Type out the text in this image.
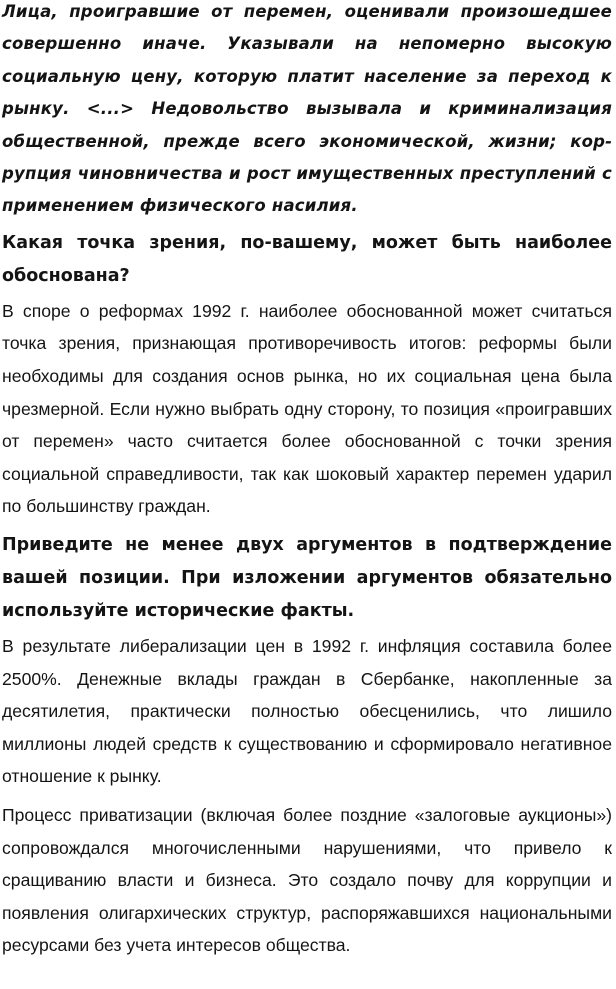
Лица, проигравшие от перемен, оценивали произошедшее совершенно иначе. Указывали на непомерно высокую социальную цену, которую платит население за переход к рынку. <...> Недовольство вызывала и криминализация общественной, прежде всего экономической, жизни; коррупция чиновничества и рост имущественных преступлений с применением физического насилия.

Какая точка зрения, по-вашему, может быть наиболее обоснована?

В споре о реформах 1992 г. наиболее обоснованной может считаться точка зрения, признающая противоречивость итогов: реформы были необходимы для создания основ рынка, но их социальная цена была чрезмерной. Если нужно выбрать одну сторону, то позиция «проигравших от перемен» часто считается более обоснованной с точки зрения социальной справедливости, так как шоковый характер перемен ударил по большинству граждан.

Приведите не менее двух аргументов в подтверждение вашей позиции. При изложении аргументов обязательно используйте исторические факты.

В результате либерализации цен в 1992 г. инфляция составила более 2500%. Денежные вклады граждан в Сбербанке, накопленные за десятилетия, практически полностью обесценились, что лишило миллионы людей средств к существованию и сформировало негативное отношение к рынку.

Процесс приватизации (включая более поздние «залоговые аукционы») сопровождался многочисленными нарушениями, что привело к сращиванию власти и бизнеса. Это создало почву для коррупции и появления олигархических структур, распоряжавшихся национальными ресурсами без учета интересов общества.
